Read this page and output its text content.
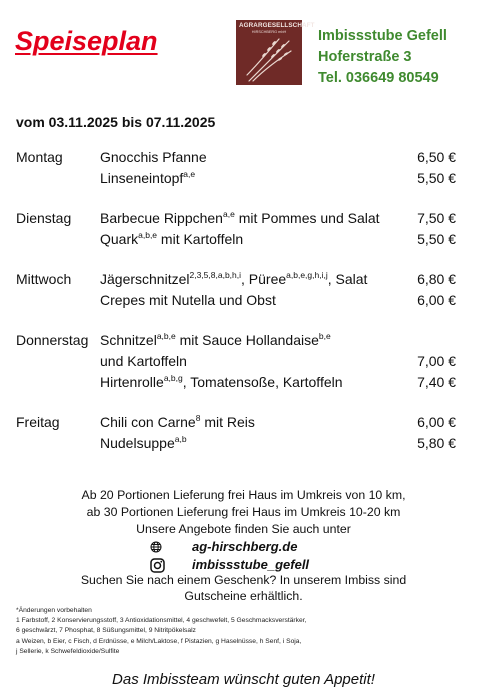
Speiseplan
AGRARGESELLSCHAFT
HIRSCHBERG mbH	Imbissstube Gefell
Hoferstraße 3
Tel. 036649 80549
vom 03.11.2025 bis 07.11.2025
Montag	Gnocchis Pfanne	6,50 €
Linseneintopf$^{a,e}$	5,50 €
Dienstag Barbecue Rippchen$^{a,e}$ mit Pommes und Salat	7,50 €
Quark$^{a,b,e}$ mit Kartoffeln	5,50 €
Mittwoch Jägerschnitzel$^{2,3,5,8,a,b,h,i}$, Püree$^{a,b,e,g,h,i,j}$, Salat	6,80 €
Crepes mit Nutella und Obst	6,00 €
Donnerstag Schnitzel$^{a,b,e}$ mit Sauce Hollandaise$^{b,e}$
und Kartoffeln	7,00 €
Hirtenrolle$^{a,b,g}$, Tomatensoße, Kartoffeln	7,40 €
Freitag	Chili con Carne$^8$ mit Reis	6,00 €
Nudelsuppe$^{a,b}$	5,80 €
Ab 20 Portionen Lieferung frei Haus im Umkreis von 10 km,
ab 30 Portionen Lieferung frei Haus im Umkreis 10-20 km
Unsere Angebote finden Sie auch unter
ag-hirschberg.de
imbissstube_gefell
Suchen Sie nach einem Geschenk? In unserem Imbiss sind
Gutscheine erhältlich.
*Änderungen vorbehalten
1 Farbstoff, 2 Konservierungsstoff, 3 Antioxidationsmittel, 4 geschwefelt, 5 Geschmacksverstärker,
6 geschwärzt, 7 Phosphat, 8 Süßungsmittel, 9 Nitritpökelsalz
a Weizen, b Eier, c Fisch, d Erdnüsse, e Milch/Laktose, f Pistazien, g Haselnüsse, h Senf, i Soja,
j Sellerie, k Schwefeldioxide/Sulfite
Das Imbissteam wünscht guten Appetit!
